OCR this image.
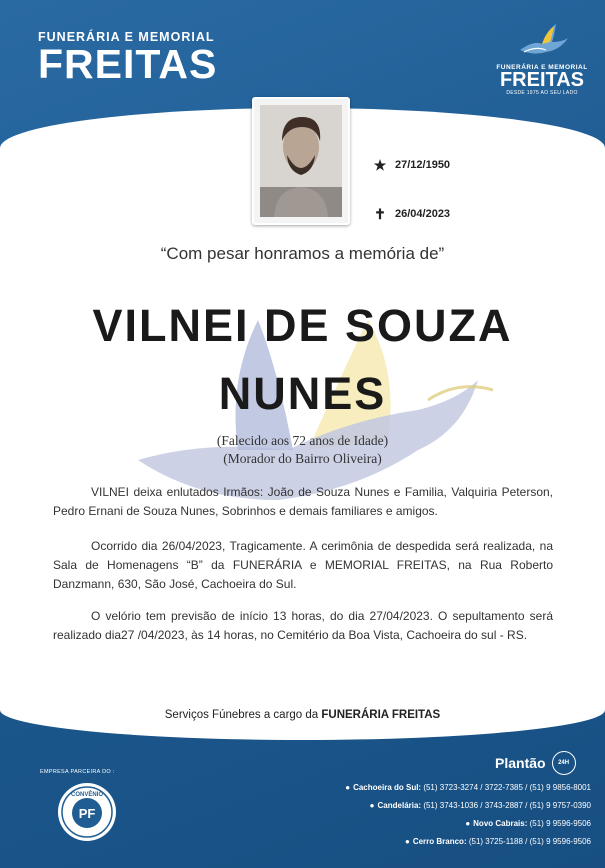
FUNERÁRIA E MEMORIAL
FREITAS	FUNERÁRIA E MEMORIAL
FREITAS
DESDE 1975 AO SEU LADO
★ 27/12/1950
✝ 26/04/2023
“Com pesar honramos a memória de”
VILNEI DE SOUZA
NUNES
(Falecido aos 72 anos de Idade)
(Morador do Bairro Oliveira)
VILNEI deixa enlutados Irmãos: João de Souza Nunes e Familia, Valquiria Peterson, Pedro Ernani de Souza Nunes, Sobrinhos e demais familiares e amigos.
Ocorrido dia 26/04/2023, Tragicamente. A cerimônia de despedida será realizada, na Sala de Homenagens “B” da FUNERÁRIA e MEMORIAL FREITAS, na Rua Roberto Danzmann, 630, São José, Cachoeira do Sul.
O velório tem previsão de início 13 horas, do dia 27/04/2023. O sepultamento será realizado dia27 /04/2023, às 14 horas, no Cemitério da Boa Vista, Cachoeira do sul - RS.
Serviços Fúnebres a cargo da FUNERÁRIA FREITAS
EMPRESA PARCEIRA DO :
CONVÊNIO
PF
Plantão	24H
● Cachoeira do Sul: (51) 3723-3274 / 3722-7385 / (51) 9 9856-8001
● Candelária: (51) 3743-1036 / 3743-2887 / (51) 9 9757-0390
● Novo Cabrais: (51) 9 9596-9506
● Cerro Branco: (51) 3725-1188 / (51) 9 9596-9506
